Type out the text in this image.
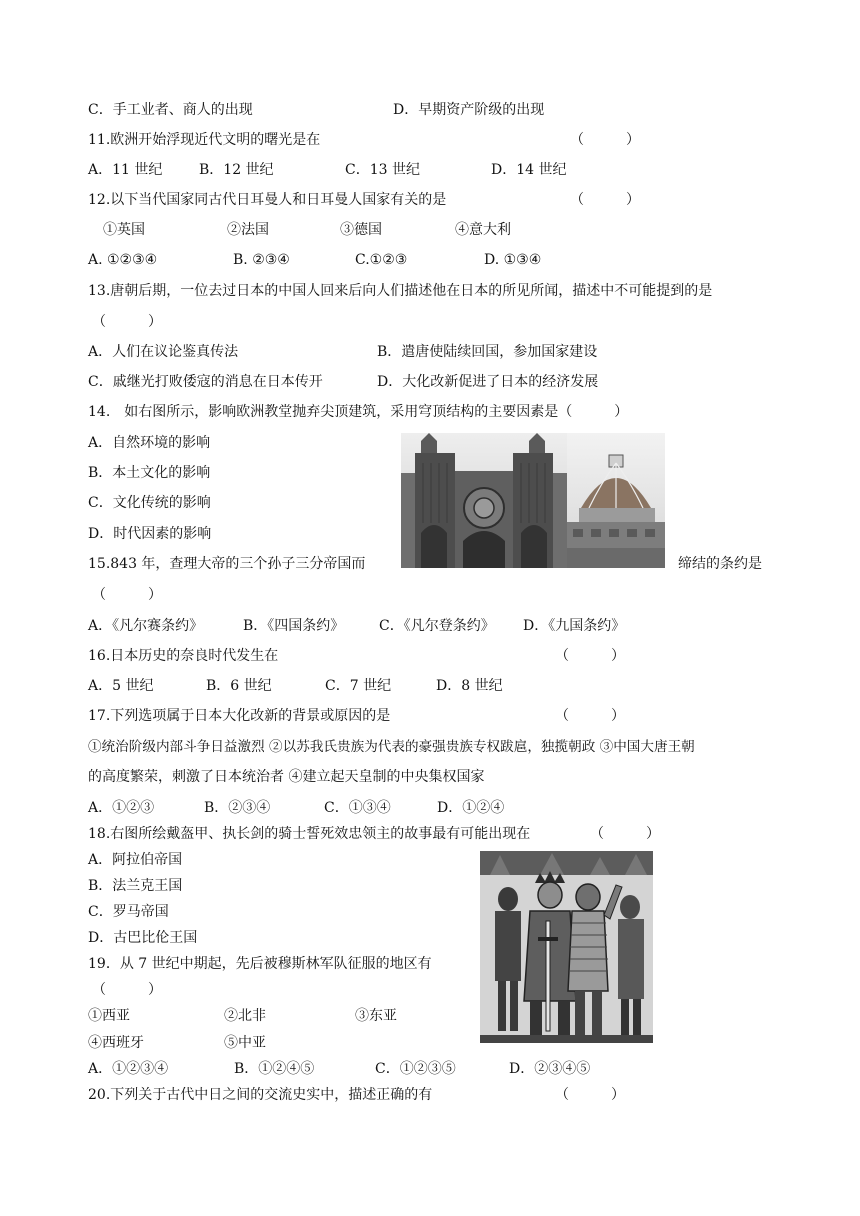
C．手工业者、商人的出现	D．早期资产阶级的出现
11.欧洲开始浮现近代文明的曙光是在	（　　　）
A．11 世纪	B．12 世纪	C．13 世纪	D．14 世纪
12.以下当代国家同古代日耳曼人和日耳曼人国家有关的是	（　　　）
①英国	②法国	③德国	④意大利
A. ①②③④	B. ②③④	C.①②③	D. ①③④
13.唐朝后期，一位去过日本的中国人回来后向人们描述他在日本的所见所闻，描述中不可能提到的是
（　　　）
A．人们在议论鉴真传法	B．遣唐使陆续回国，参加国家建设
C．戚继光打败倭寇的消息在日本传开	D．大化改新促进了日本的经济发展
14.　如右图所示，影响欧洲教堂抛弃尖顶建筑，采用穹顶结构的主要因素是（　　　）
A．自然环境的影响
B．本土文化的影响
C．文化传统的影响
D．时代因素的影响
15.843 年，查理大帝的三个孙子三分帝国而	缔结的条约是
（　　　）
A．《凡尔赛条约》	B．《四国条约》 C．《凡尔登条约》 D．《九国条约》
16.日本历史的奈良时代发生在	（　　　）
A．5 世纪	B．6 世纪	C．7 世纪	D．8 世纪
17.下列选项属于日本大化改新的背景或原因的是	（　　　）
①统治阶级内部斗争日益激烈 ②以苏我氏贵族为代表的豪强贵族专权跋扈，独揽朝政 ③中国大唐王朝
的高度繁荣，刺激了日本统治者 ④建立起天皇制的中央集权国家
A．①②③	B．②③④	C．①③④	D．①②④
18.右图所绘戴盔甲、执长剑的骑士誓死效忠领主的故事最有可能出现在	（　　　）
A．阿拉伯帝国
B．法兰克王国
C．罗马帝国
D．古巴比伦王国
19．从 7 世纪中期起，先后被穆斯林军队征服的地区有
（　　　）
①西亚	②北非	③东亚
④西班牙	⑤中亚
A．①②③④	B．①②④⑤	C．①②③⑤	D．②③④⑤
20.下列关于古代中日之间的交流史实中，描述正确的有	（　　　）
